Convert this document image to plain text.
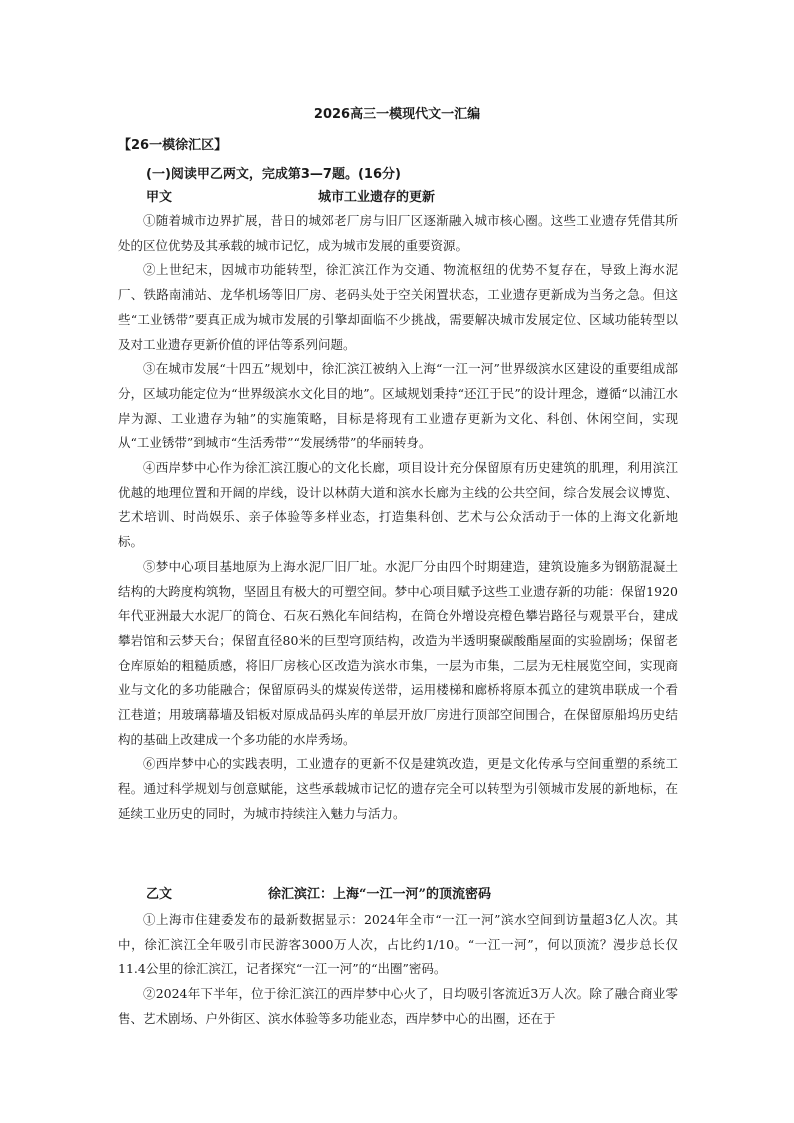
2026高三一模现代文一汇编
【26一模徐汇区】
(一)阅读甲乙两文，完成第3—7题。(16分)
甲文	城市工业遗存的更新

①随着城市边界扩展，昔日的城郊老厂房与旧厂区逐渐融入城市核心圈。这些工业遗存凭借其所处的区位优势及其承载的城市记忆，成为城市发展的重要资源。

②上世纪末，因城市功能转型，徐汇滨江作为交通、物流枢纽的优势不复存在，导致上海水泥厂、铁路南浦站、龙华机场等旧厂房、老码头处于空关闲置状态，工业遗存更新成为当务之急。但这些“工业锈带”要真正成为城市发展的引擎却面临不少挑战，需要解决城市发展定位、区域功能转型以及对工业遗存更新价值的评估等系列问题。

③在城市发展“十四五”规划中，徐汇滨江被纳入上海“一江一河”世界级滨水区建设的重要组成部分，区域功能定位为“世界级滨水文化目的地”。区域规划秉持“还江于民”的设计理念，遵循“以浦江水岸为源、工业遗存为轴”的实施策略，目标是将现有工业遗存更新为文化、科创、休闲空间，实现从“工业锈带”到城市“生活秀带”“发展绣带”的华丽转身。

④西岸梦中心作为徐汇滨江腹心的文化长廊，项目设计充分保留原有历史建筑的肌理，利用滨江优越的地理位置和开阔的岸线，设计以林荫大道和滨水长廊为主线的公共空间，综合发展会议博览、艺术培训、时尚娱乐、亲子体验等多样业态，打造集科创、艺术与公众活动于一体的上海文化新地标。

⑤梦中心项目基地原为上海水泥厂旧厂址。水泥厂分由四个时期建造，建筑设施多为钢筋混凝土结构的大跨度构筑物，坚固且有极大的可塑空间。梦中心项目赋予这些工业遗存新的功能：保留1920年代亚洲最大水泥厂的筒仓、石灰石熟化车间结构，在筒仓外增设亮橙色攀岩路径与观景平台，建成攀岩馆和云梦天台；保留直径80米的巨型穹顶结构，改造为半透明聚碳酸酯屋面的实验剧场；保留老仓库原始的粗糙质感，将旧厂房核心区改造为滨水市集，一层为市集，二层为无柱展览空间，实现商业与文化的多功能融合；保留原码头的煤炭传送带，运用楼梯和廊桥将原本孤立的建筑串联成一个看江巷道；用玻璃幕墙及铝板对原成品码头库的单层开放厂房进行顶部空间围合，在保留原船坞历史结构的基础上改建成一个多功能的水岸秀场。

⑥西岸梦中心的实践表明，工业遗存的更新不仅是建筑改造，更是文化传承与空间重塑的系统工程。通过科学规划与创意赋能，这些承载城市记忆的遗存完全可以转型为引领城市发展的新地标，在延续工业历史的同时，为城市持续注入魅力与活力。

乙文	徐汇滨江：上海“一江一河”的顶流密码

①上海市住建委发布的最新数据显示：2024年全市“一江一河”滨水空间到访量超3亿人次。其中，徐汇滨江全年吸引市民游客3000万人次，占比约1/10。“一江一河”，何以顶流？漫步总长仅11.4公里的徐汇滨江，记者探究“一江一河”的“出圈”密码。

②2024年下半年，位于徐汇滨江的西岸梦中心火了，日均吸引客流近3万人次。除了融合商业零售、艺术剧场、户外街区、滨水体验等多功能业态，西岸梦中心的出圈，还在于
